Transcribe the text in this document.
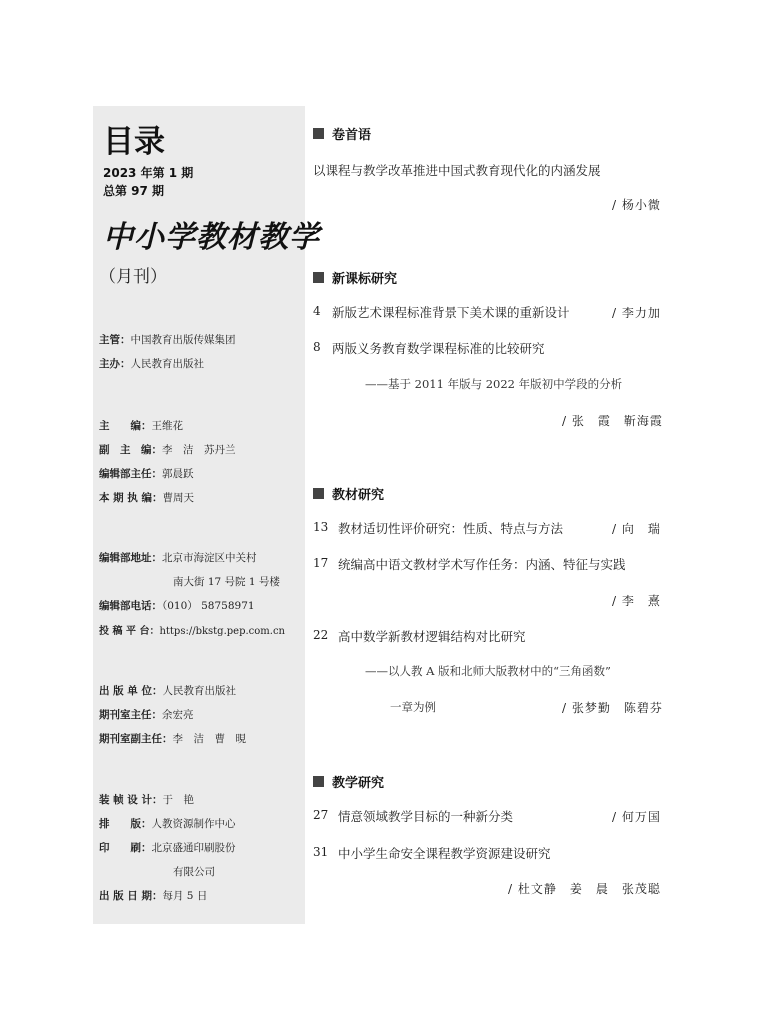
目录
2023 年第 1 期
总第 97 期
中小学教材教学
（月刊）
主管：中国教育出版传媒集团
主办：人民教育出版社
主　　编：王维花
副　主　编：李　洁　苏丹兰
编辑部主任：郭晨跃
本 期 执 编：曹周天
编辑部地址：北京市海淀区中关村
南大街 17 号院 1 号楼
编辑部电话：（010） 58758971
投 稿 平 台：https://bkstg.pep.com.cn
出 版 单 位：人民教育出版社
期刊室主任：余宏亮
期刊室副主任：李　洁　曹　晛
装 帧 设 计：于　艳
排　　版：人教资源制作中心
印　　刷：北京盛通印刷股份
有限公司
出 版 日 期：每月 5 日
卷首语
以课程与教学改革推进中国式教育现代化的内涵发展
/ 杨小微
新课标研究
4 新版艺术课程标准背景下美术课的重新设计	/ 李力加
8 两版义务教育数学课程标准的比较研究
——基于 2011 年版与 2022 年版初中学段的分析
/ 张　霞　靳海霞
教材研究
13 教材适切性评价研究：性质、特点与方法	/ 向　瑞
17 统编高中语文教材学术写作任务：内涵、特征与实践
/ 李　熹
22 高中数学新教材逻辑结构对比研究
——以人教 A 版和北师大版教材中的“三角函数”
一章为例	/ 张梦勤　陈碧芬
教学研究
27 情意领域教学目标的一种新分类	/ 何万国
31 中小学生命安全课程教学资源建设研究
/ 杜文静　姜　晨　张茂聪
